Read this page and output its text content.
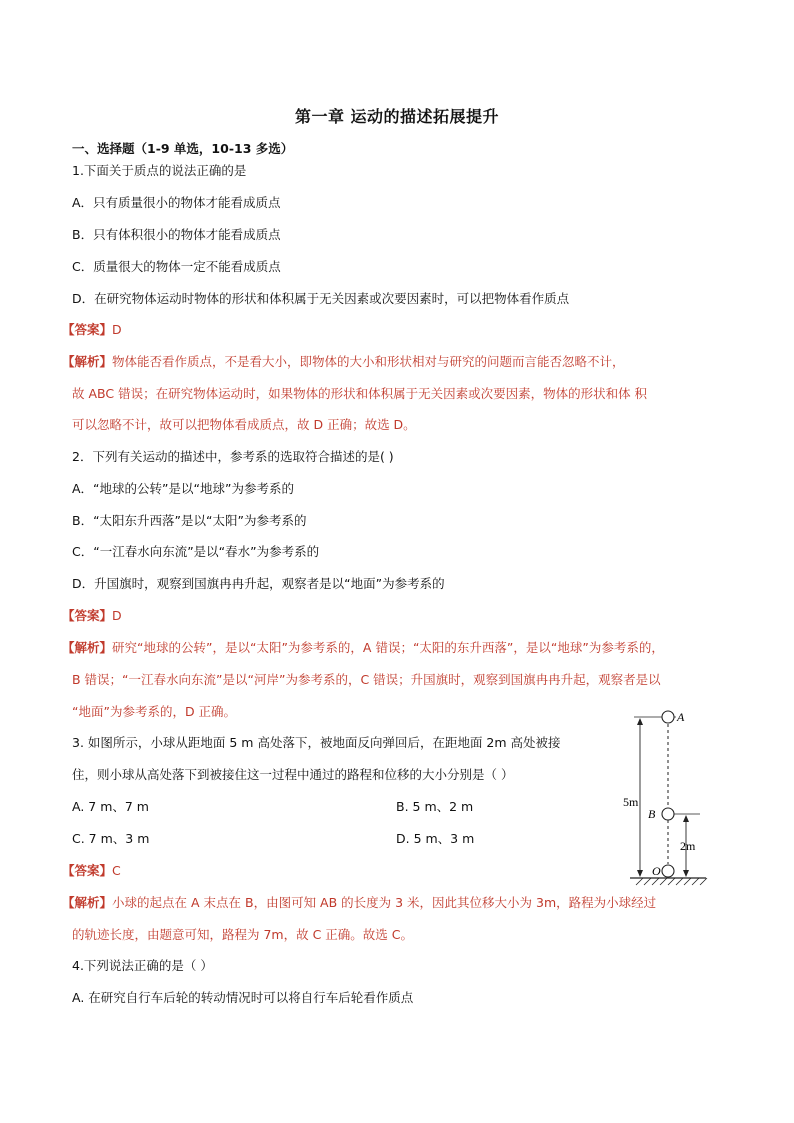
第一章 运动的描述拓展提升
一、选择题（1-9 单选，10-13 多选）
1.下面关于质点的说法正确的是
A．只有质量很小的物体才能看成质点
B．只有体积很小的物体才能看成质点
C．质量很大的物体一定不能看成质点
D．在研究物体运动时物体的形状和体积属于无关因素或次要因素时，可以把物体看作质点
【答案】D
【解析】物体能否看作质点，不是看大小，即物体的大小和形状相对与研究的问题而言能否忽略不计，
故 ABC 错误；在研究物体运动时，如果物体的形状和体积属于无关因素或次要因素，物体的形状和体 积
可以忽略不计，故可以把物体看成质点，故 D 正确；故选 D。
2．下列有关运动的描述中，参考系的选取符合描述的是( )
A．“地球的公转”是以“地球”为参考系的
B．“太阳东升西落”是以“太阳”为参考系的
C．“一江春水向东流”是以“春水”为参考系的
D．升国旗时，观察到国旗冉冉升起，观察者是以“地面”为参考系的
【答案】D
【解析】研究“地球的公转”，是以“太阳”为参考系的，A 错误；“太阳的东升西落”，是以“地球”为参考系的，
B 错误；“一江春水向东流”是以“河岸”为参考系的，C 错误；升国旗时，观察到国旗冉冉升起，观察者是以
“地面”为参考系的，D 正确。
3. 如图所示，小球从距地面 5 m 高处落下，被地面反向弹回后，在距地面 2m 高处被接
住，则小球从高处落下到被接住这一过程中通过的路程和位移的大小分别是（ ）
A. 7 m、7 m	B. 5 m、2 m
C. 7 m、3 m	D. 5 m、3 m
【答案】C
【解析】小球的起点在 A 末点在 B，由图可知 AB 的长度为 3 米，因此其位移大小为 3m，路程为小球经过
的轨迹长度，由题意可知，路程为 7m，故 C 正确。故选 C。
A
B
O
5m
2m
4.下列说法正确的是（ ）
A. 在研究自行车后轮的转动情况时可以将自行车后轮看作质点
